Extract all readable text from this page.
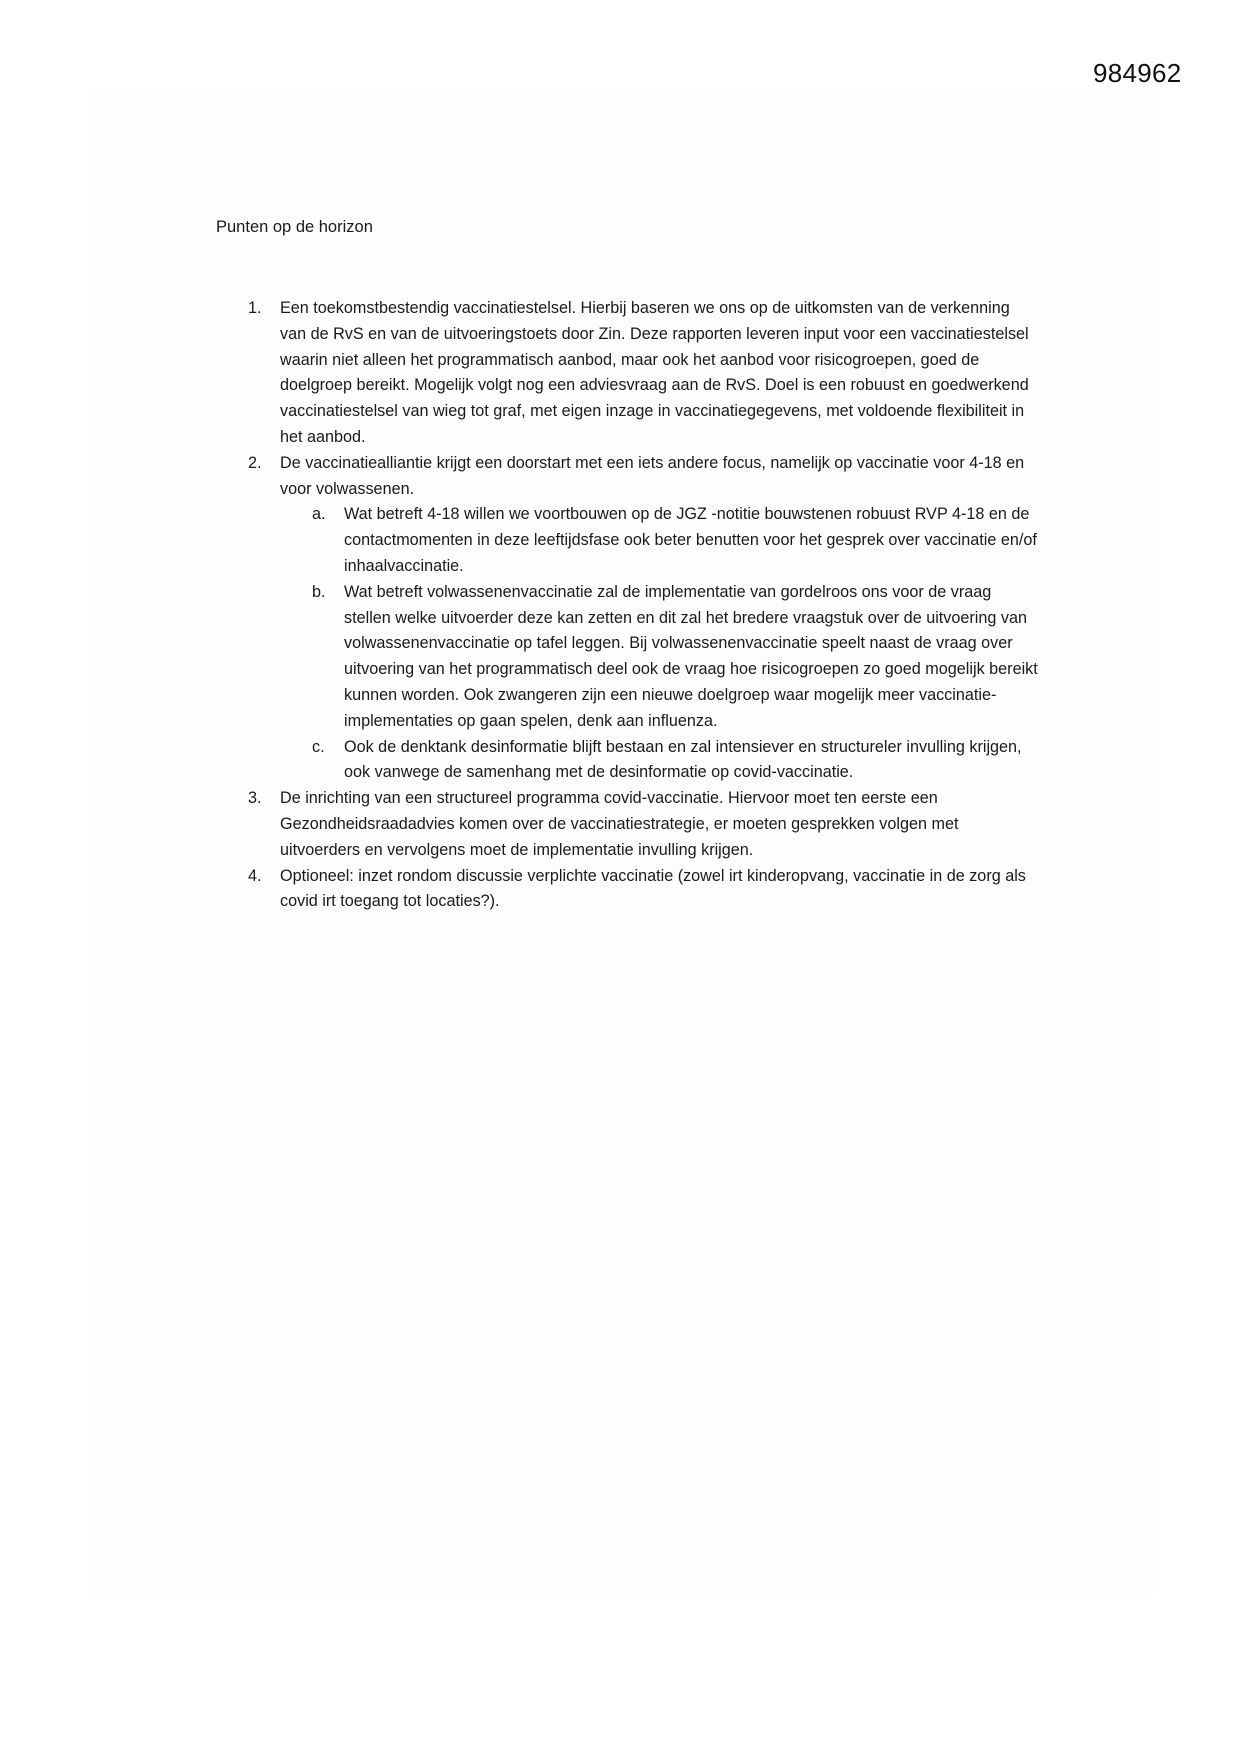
984962
Punten op de horizon
1. Een toekomstbestendig vaccinatiestelsel. Hierbij baseren we ons op de uitkomsten van de verkenning van de RvS en van de uitvoeringstoets door Zin. Deze rapporten leveren input voor een vaccinatiestelsel waarin niet alleen het programmatisch aanbod, maar ook het aanbod voor risicogroepen, goed de doelgroep bereikt. Mogelijk volgt nog een adviesvraag aan de RvS. Doel is een robuust en goedwerkend vaccinatiestelsel van wieg tot graf, met eigen inzage in vaccinatiegegevens, met voldoende flexibiliteit in het aanbod.
2. De vaccinatiealliantie krijgt een doorstart met een iets andere focus, namelijk op vaccinatie voor 4-18 en voor volwassenen.
a. Wat betreft 4-18 willen we voortbouwen op de JGZ -notitie bouwstenen robuust RVP 4-18 en de contactmomenten in deze leeftijdsfase ook beter benutten voor het gesprek over vaccinatie en/of inhaalvaccinatie.
b. Wat betreft volwassenenvaccinatie zal de implementatie van gordelroos ons voor de vraag stellen welke uitvoerder deze kan zetten en dit zal het bredere vraagstuk over de uitvoering van volwassenenvaccinatie op tafel leggen. Bij volwassenenvaccinatie speelt naast de vraag over uitvoering van het programmatisch deel ook de vraag hoe risicogroepen zo goed mogelijk bereikt kunnen worden. Ook zwangeren zijn een nieuwe doelgroep waar mogelijk meer vaccinatie-implementaties op gaan spelen, denk aan influenza.
c. Ook de denktank desinformatie blijft bestaan en zal intensiever en structureler invulling krijgen, ook vanwege de samenhang met de desinformatie op covid-vaccinatie.
3. De inrichting van een structureel programma covid-vaccinatie. Hiervoor moet ten eerste een Gezondheidsraadadvies komen over de vaccinatiestrategie, er moeten gesprekken volgen met uitvoerders en vervolgens moet de implementatie invulling krijgen.
4. Optioneel: inzet rondom discussie verplichte vaccinatie (zowel irt kinderopvang, vaccinatie in de zorg als covid irt toegang tot locaties?).
